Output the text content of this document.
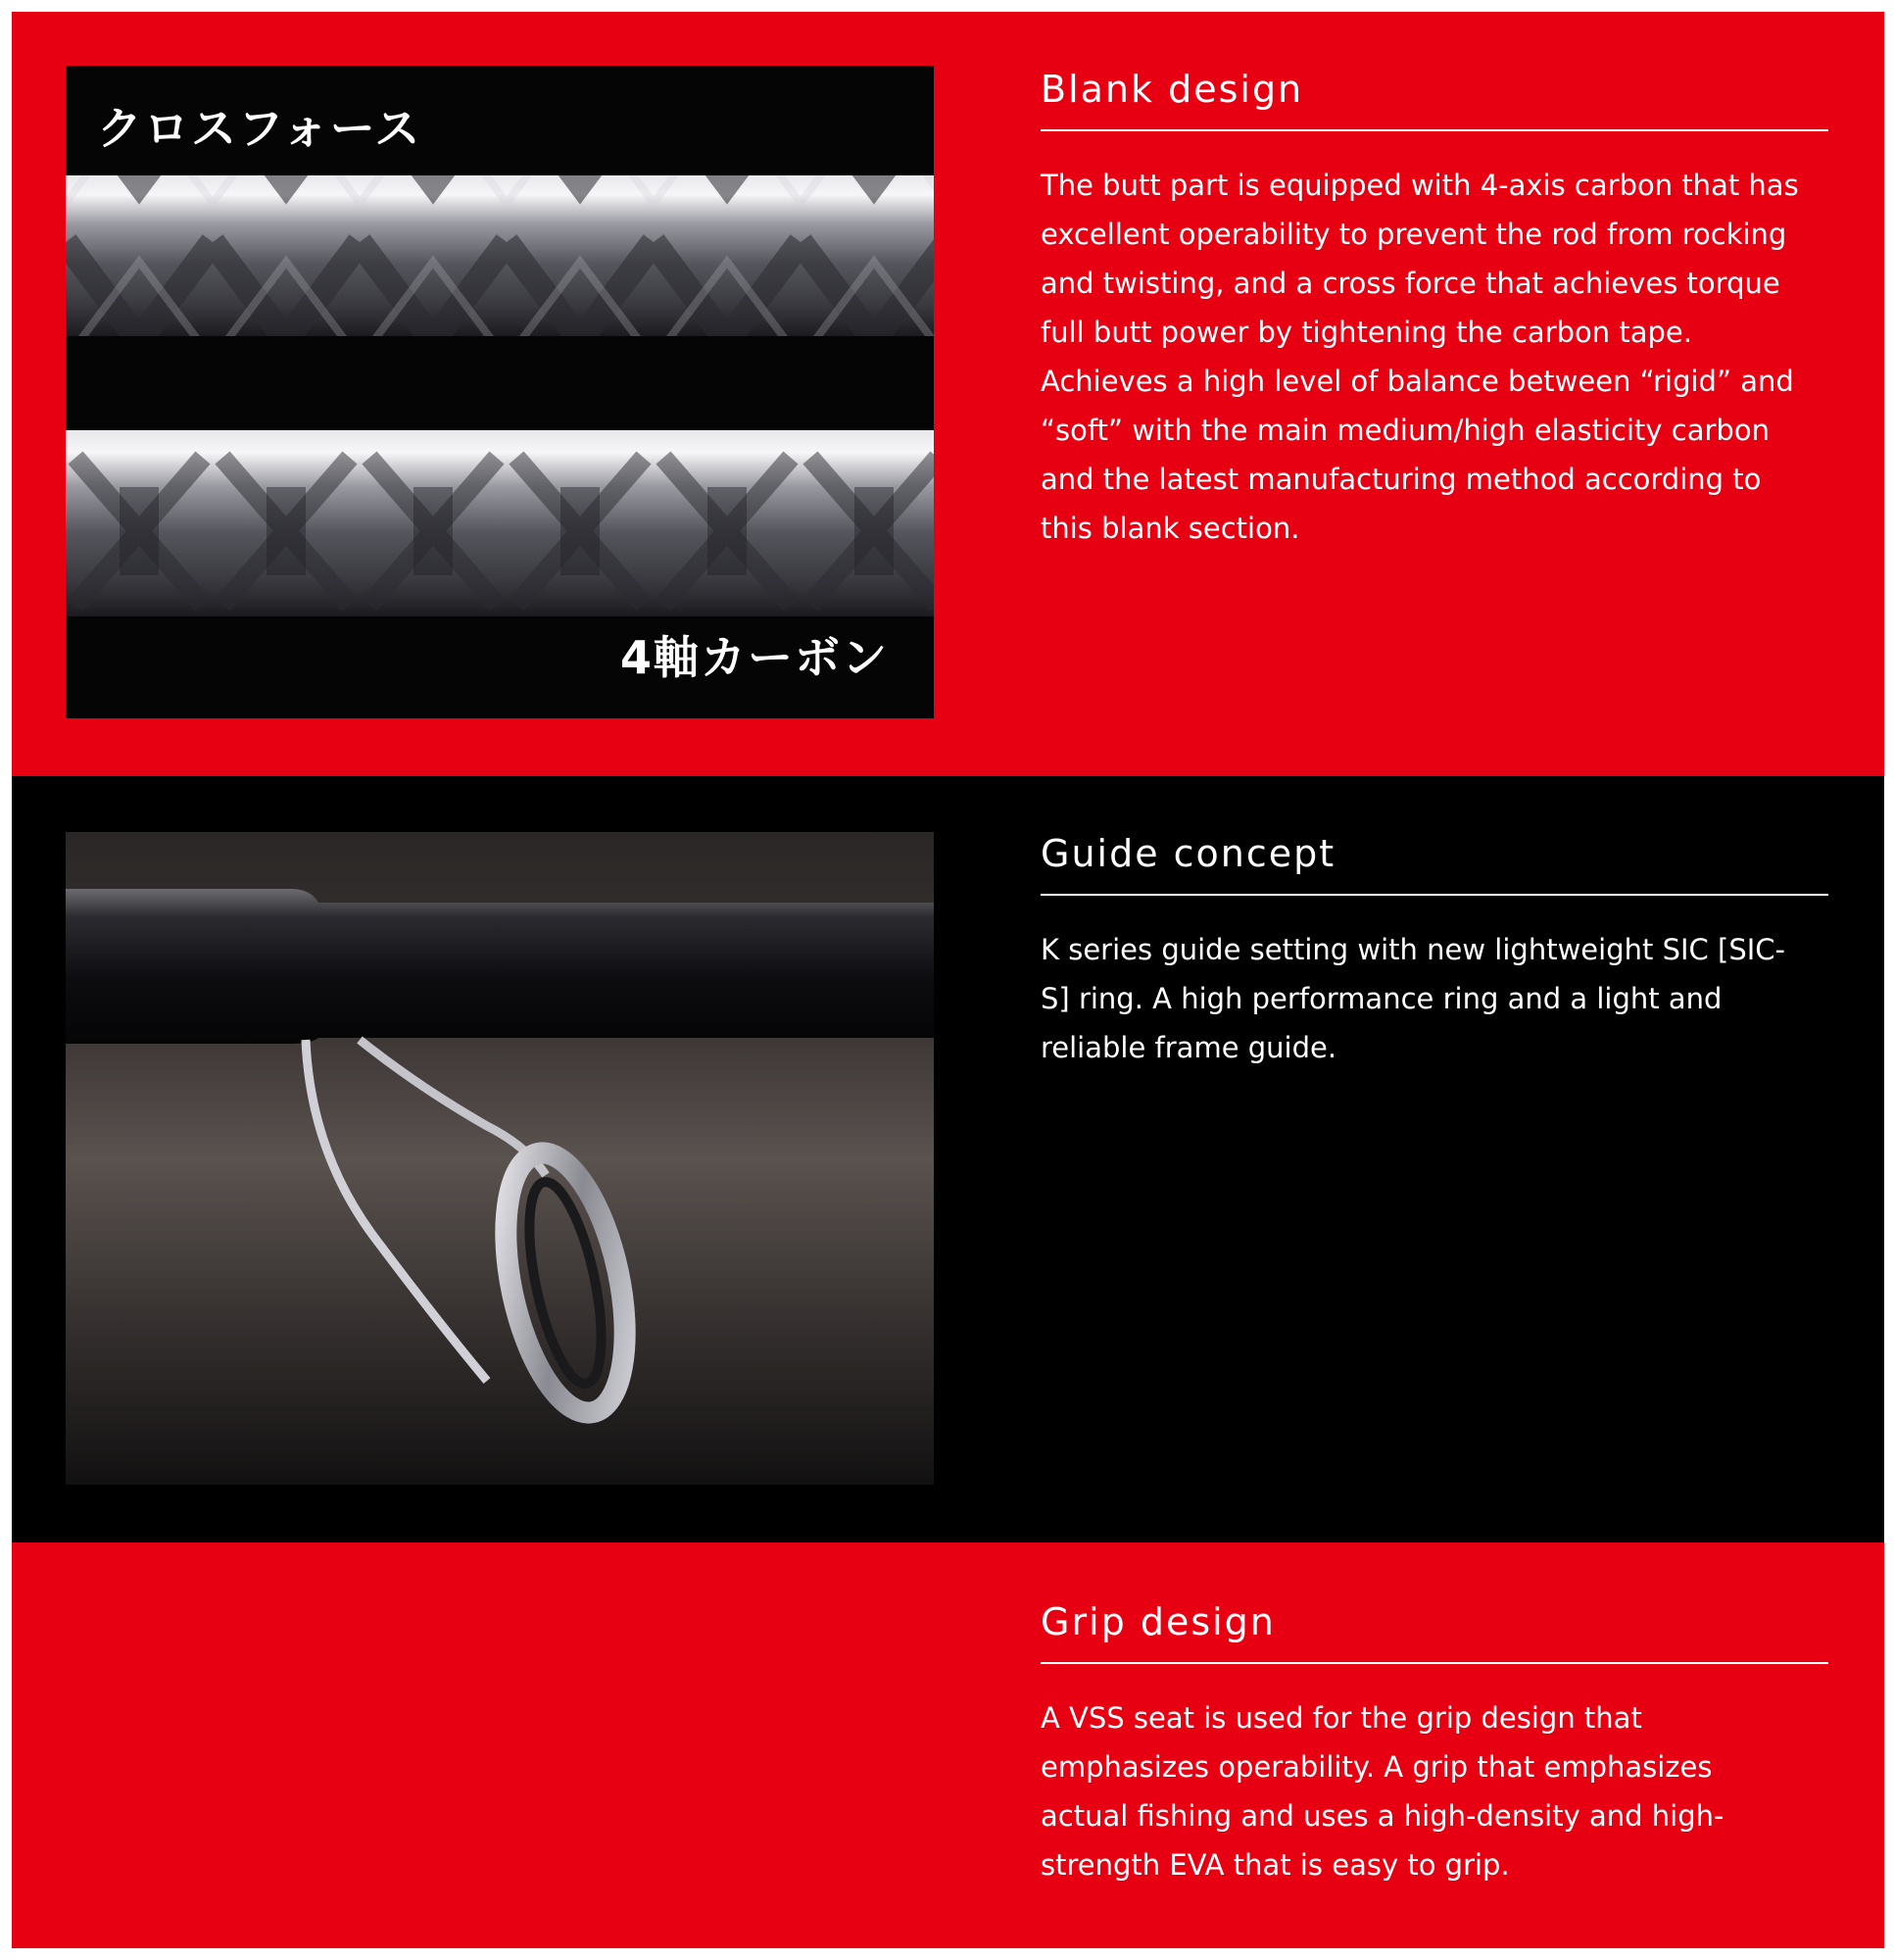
クロスフォース
4軸カーボン
Blank design
The butt part is equipped with 4-axis carbon that has excellent operability to prevent the rod from rocking and twisting, and a cross force that achieves torque full butt power by tightening the carbon tape. Achieves a high level of balance between “rigid” and “soft” with the main medium/high elasticity carbon and the latest manufacturing method according to this blank section.
Guide concept
K series guide setting with new lightweight SIC [SIC-S] ring. A high performance ring and a light and reliable frame guide.
Grip design
A VSS seat is used for the grip design that emphasizes operability. A grip that emphasizes actual fishing and uses a high-density and high-strength EVA that is easy to grip.
